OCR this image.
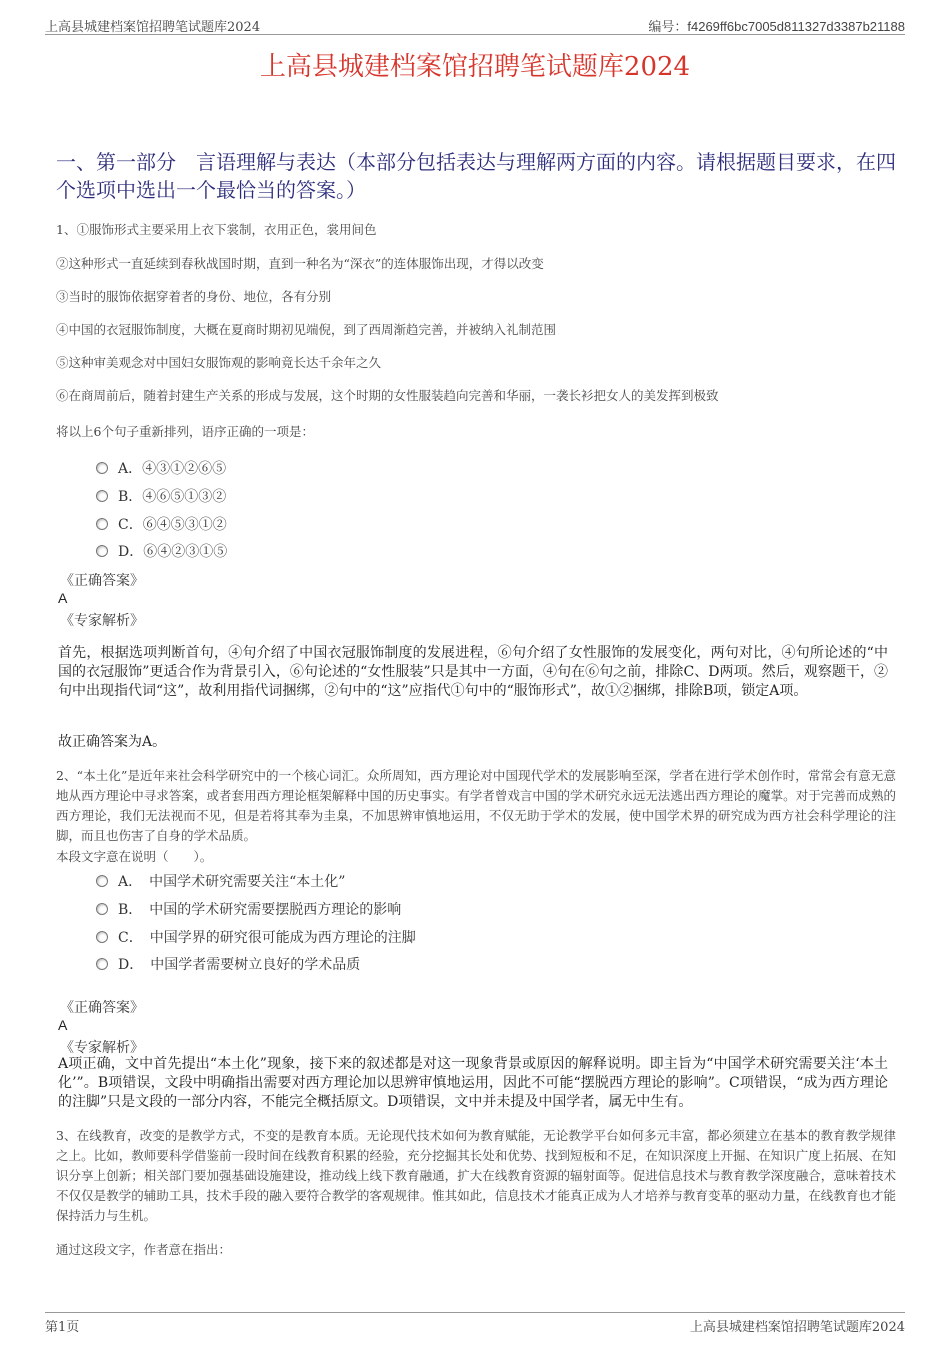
上高县城建档案馆招聘笔试题库2024	编号：f4269ff6bc7005d811327d3387b21188
上高县城建档案馆招聘笔试题库2024
一、第一部分　言语理解与表达（本部分包括表达与理解两方面的内容。请根据题目要求，在四个选项中选出一个最恰当的答案。）
1、①服饰形式主要采用上衣下裳制，衣用正色，裳用间色
②这种形式一直延续到春秋战国时期，直到一种名为“深衣”的连体服饰出现，才得以改变
③当时的服饰依据穿着者的身份、地位，各有分别
④中国的衣冠服饰制度，大概在夏商时期初见端倪，到了西周渐趋完善，并被纳入礼制范围
⑤这种审美观念对中国妇女服饰观的影响竟长达千余年之久
⑥在商周前后，随着封建生产关系的形成与发展，这个时期的女性服装趋向完善和华丽，一袭长衫把女人的美发挥到极致
将以上6个句子重新排列，语序正确的一项是：
A．④③①②⑥⑤
B．④⑥⑤①③②
C．⑥④⑤③①②
D．⑥④②③①⑤
《正确答案》
A
《专家解析》
首先，根据选项判断首句，④句介绍了中国衣冠服饰制度的发展进程，⑥句介绍了女性服饰的发展变化，两句对比，④句所论述的“中国的衣冠服饰”更适合作为背景引入，⑥句论述的“女性服装”只是其中一方面，④句在⑥句之前，排除C、D两项。然后，观察题干，②句中出现指代词“这”，故利用指代词捆绑，②句中的“这”应指代①句中的“服饰形式”，故①②捆绑，排除B项，锁定A项。
故正确答案为A。
2、“本土化”是近年来社会科学研究中的一个核心词汇。众所周知，西方理论对中国现代学术的发展影响至深，学者在进行学术创作时，常常会有意无意地从西方理论中寻求答案，或者套用西方理论框架解释中国的历史事实。有学者曾戏言中国的学术研究永远无法逃出西方理论的魔掌。对于完善而成熟的西方理论，我们无法视而不见，但是若将其奉为圭臬，不加思辨审慎地运用，不仅无助于学术的发展，使中国学术界的研究成为西方社会科学理论的注脚，而且也伤害了自身的学术品质。
本段文字意在说明（　　）。
A．　中国学术研究需要关注“本土化”
B．　中国的学术研究需要摆脱西方理论的影响
C．　中国学界的研究很可能成为西方理论的注脚
D．　中国学者需要树立良好的学术品质
《正确答案》
A
《专家解析》
A项正确，文中首先提出“本土化”现象，接下来的叙述都是对这一现象背景或原因的解释说明。即主旨为“中国学术研究需要关注‘本土化’”。B项错误，文段中明确指出需要对西方理论加以思辨审慎地运用，因此不可能“摆脱西方理论的影响”。C项错误，“成为西方理论的注脚”只是文段的一部分内容，不能完全概括原文。D项错误，文中并未提及中国学者，属无中生有。
3、在线教育，改变的是教学方式，不变的是教育本质。无论现代技术如何为教育赋能，无论教学平台如何多元丰富，都必须建立在基本的教育教学规律之上。比如，教师要科学借鉴前一段时间在线教育积累的经验，充分挖掘其长处和优势、找到短板和不足，在知识深度上开掘、在知识广度上拓展、在知识分享上创新；相关部门要加强基础设施建设，推动线上线下教育融通，扩大在线教育资源的辐射面等。促进信息技术与教育教学深度融合，意味着技术不仅仅是教学的辅助工具，技术手段的融入要符合教学的客观规律。惟其如此，信息技术才能真正成为人才培养与教育变革的驱动力量，在线教育也才能保持活力与生机。
通过这段文字，作者意在指出：
第1页	上高县城建档案馆招聘笔试题库2024
